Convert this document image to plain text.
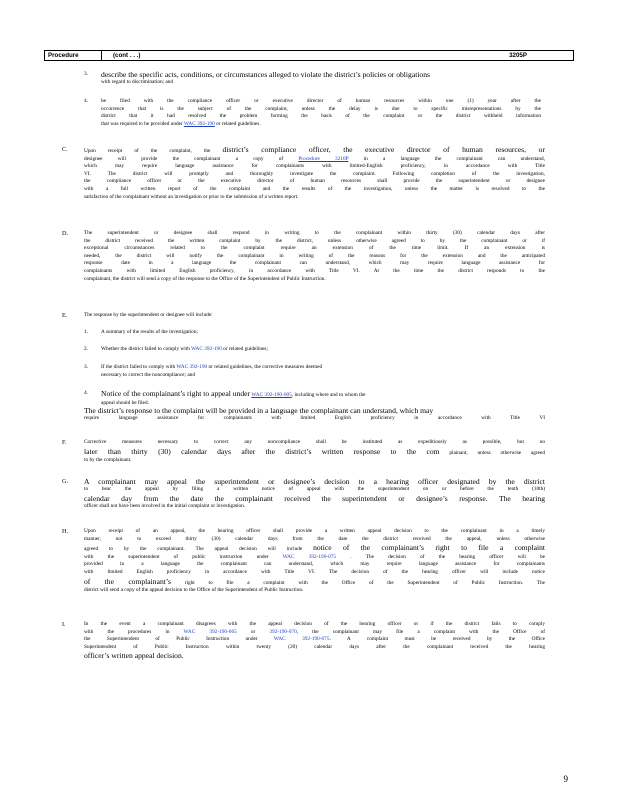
Procedure	(cont . . .)	3205P
3. describe the specific acts, conditions, or circumstances alleged to violate the district’s policies or obligations
with regard to discrimination; and
4. be filed with the compliance officer or executive director of human resources within one (1) year after the
occurrence that is the subject of the complaint, unless the delay is due to specific misrepresentations by the
district that it had resolved the problem forming the basis of the complaint or the district withheld information
that was required to be provided under WAC 392-190 or related guidelines.
C.	Upon receipt of the complaint, the district’s compliance officer, the executive director of human resources, or
designee will provide the complainant a copy of	Procedure 3210P	in a language the complainant can understand,
which may require language assistance for complainants with limited-English proficiency, in accordance with Title
VI. The district will promptly and thoroughly investigate the complaint. Following completion of the investigation,
the compliance officer or the executive director of human resources shall provide the superintendent or designee
with a full written report of the complaint and the results of the investigation, unless the matter is resolved to the
satisfaction of the complainant without an investigation or prior to the submission of a written report.
D.	The superintendent or designee shall respond in writing to the complainant within thirty (30) calendar days after
the district received the written complaint by the district, unless otherwise agreed to by the complainant or if
exceptional circumstances related to the complaint require an extension of the time limit. If an extension is
needed, the district will notify the complainant in writing of the reasons for the extension and the anticipated
response date in a language the complainant can understand, which may require language assistance for
complainants with limited English proficiency, in accordance with Title VI. At the time the district responds to the
complainant, the district will send a copy of the response to the Office of the Superintendent of Public Instruction.
E.	The response by the superintendent or designee will include:
1. A summary of the results of the investigation;
2. Whether the district failed to comply with WAC 392-190 or related guidelines;
3. If the district failed to comply with WAC 392-190 or related guidelines, the corrective measures deemed
necessary to correct the noncompliance; and
4. Notice of the complainant’s right to appeal under WAC 392-190-005, including where and to whom the
appeal should be filed.
The district’s response to the complaint will be provided in a language the complainant can understand, which may
require language assistance for complainants with limited English proficiency in accordance with Title VI
F.	Corrective measures necessary to correct any noncompliance shall be instituted as expeditiously as possible, but no
later than thirty (30) calendar days after the district’s written response to the com plainant, unless otherwise agreed
to by the complainant.
G. A complainant may appeal the superintendent or designee’s decision to a hearing officer designated by the district
to hear the appeal by filing a written notice of appeal with the superintendent on or before the tenth (10th)
calendar day from the date the complainant received the superintendent or designee’s response. The hearing
officer shall not have been involved in the initial complaint or investigation.
H.	Upon receipt of an appeal, the hearing officer shall provide a written appeal decision to the complainant in a timely
manner, not to exceed thirty (30) calendar days from the date the district received the appeal, unless otherwise
agreed to by the complainant. The appeal decision will include notice of the complainant’s right to file a complaint
with the superintendent of public instruction under	WAC 392-190-075	. The decision of the hearing officer will be
provided in a language the complainant can understand, which may require language assistance for complainants
with limited English proficiency in accordance with Title VI. The decision of the hearing officer will include notice
of the complainant’s	right to file a complaint with the Office of the Superintendent of Public Instruction. The
district will send a copy of the appeal decision to the Office of the Superintendent of Public Instruction.
I.	In the event a complainant disagrees with the appeal decision of the hearing officer or if the district fails to comply
with the procedures in	WAC 392-190-065	or	392-190-070, the complainant may file a complaint with the Office of
the Superintendent of Public Instruction under	WAC 392-190-075. A complaint must be received by the Office
Superintendent of Public Instruction within twenty (20) calendar days after the complainant received the hearing
officer’s written appeal decision.
9
